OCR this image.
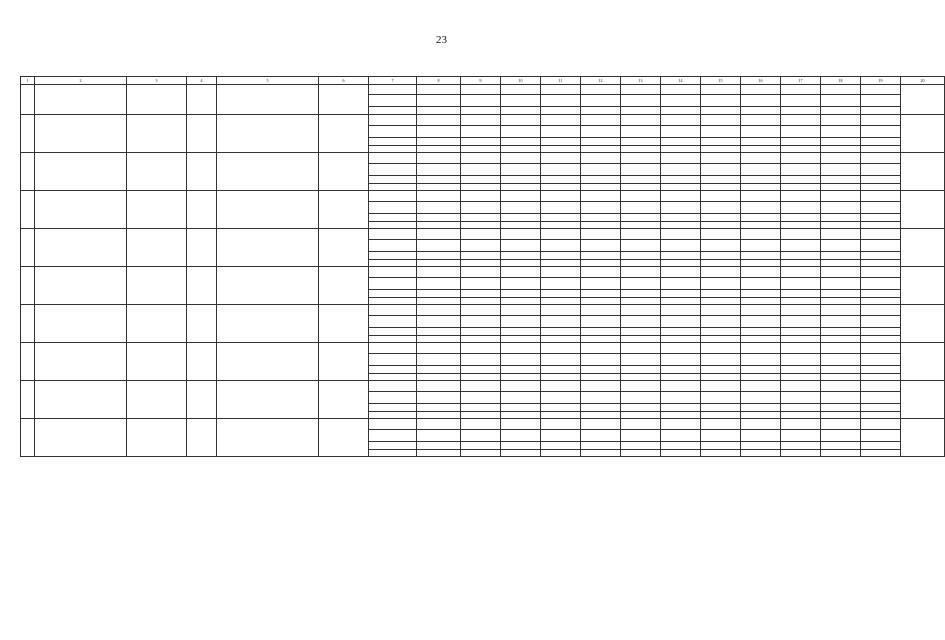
23
1	2	3	4	5	6	7	8	9	10	11	12	13	14	15	16	17	18	19	20
